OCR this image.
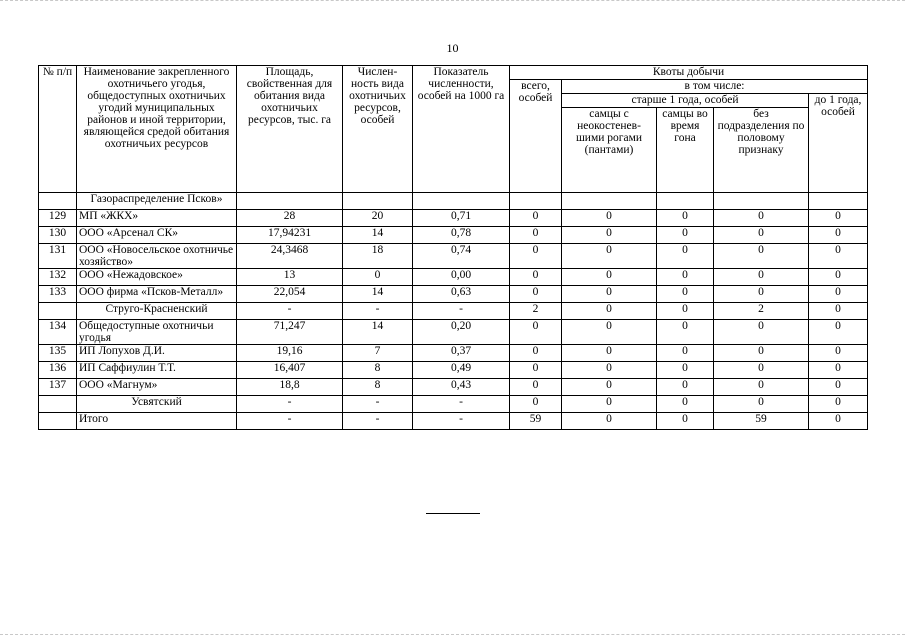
10
№ п/п	Наименование закрепленного охотничьего угодья, общедоступных охотничьих угодий муниципальных районов и иной территории, являющейся средой обитания охотничьих ресурсов	Площадь, свойственная для обитания вида охотничьих ресурсов, тыс. га	Числен-ность вида охотничьих ресурсов, особей	Показатель численности, особей на 1000 га	Квоты добычи				
					всего, особей	в том числе:			
						старше 1 года, особей			до 1 года, особей
						самцы с неокостенев-шими рогами (пантами)	самцы во время гона	без подразделения по половому признаку	
	Газораспределение Псков»								
129	МП «ЖКХ»	28	20	0,71	0	0	0	0	0
130	ООО «Арсенал СК»	17,94231	14	0,78	0	0	0	0	0
131	ООО «Новосельское охотничье хозяйство»	24,3468	18	0,74	0	0	0	0	0
132	ООО «Нежадовское»	13	0	0,00	0	0	0	0	0
133	ООО фирма «Псков-Металл»	22,054	14	0,63	0	0	0	0	0
	Струго-Красненский	-	-	-	2	0	0	2	0
134	Общедоступные охотничьи угодья	71,247	14	0,20	0	0	0	0	0
135	ИП Лопухов Д.И.	19,16	7	0,37	0	0	0	0	0
136	ИП Саффиулин Т.Т.	16,407	8	0,49	0	0	0	0	0
137	ООО «Магнум»	18,8	8	0,43	0	0	0	0	0
	Усвятский	-	-	-	0	0	0	0	0
	Итого	-	-	-	59	0	0	59	0
